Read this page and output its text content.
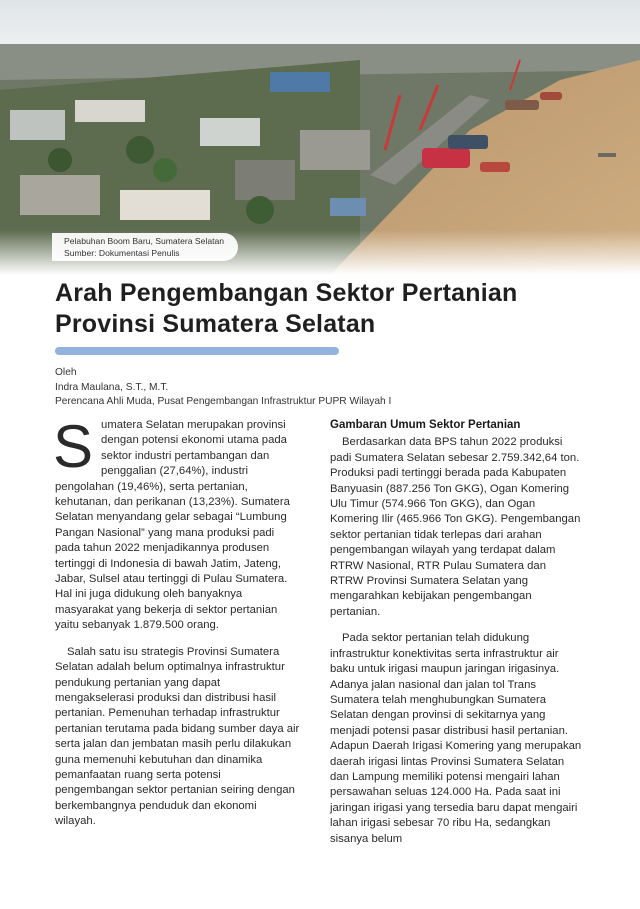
Pelabuhan Boom Baru, Sumatera Selatan
Sumber: Dokumentasi Penulis
Arah Pengembangan Sektor Pertanian
Provinsi Sumatera Selatan
Oleh
Indra Maulana, S.T., M.T.
Perencana Ahli Muda, Pusat Pengembangan Infrastruktur PUPR Wilayah I

Sumatera Selatan merupakan provinsi dengan potensi ekonomi utama pada sektor industri pertambangan dan penggalian (27,64%), industri pengolahan (19,46%), serta pertanian, kehutanan, dan perikanan (13,23%). Sumatera Selatan menyandang gelar sebagai “Lumbung Pangan Nasional” yang mana produksi padi pada tahun 2022 menjadikannya produsen tertinggi di Indonesia di bawah Jatim, Jateng, Jabar, Sulsel atau tertinggi di Pulau Sumatera. Hal ini juga didukung oleh banyaknya masyarakat yang bekerja di sektor pertanian yaitu sebanyak 1.879.500 orang.

Salah satu isu strategis Provinsi Sumatera Selatan adalah belum optimalnya infrastruktur pendukung pertanian yang dapat mengakselerasi produksi dan distribusi hasil pertanian. Pemenuhan terhadap infrastruktur pertanian terutama pada bidang sumber daya air serta jalan dan jembatan masih perlu dilakukan guna memenuhi kebutuhan dan dinamika pemanfaatan ruang serta potensi pengembangan sektor pertanian seiring dengan berkembangnya penduduk dan ekonomi wilayah.

Gambaran Umum Sektor Pertanian

Berdasarkan data BPS tahun 2022 produksi padi Sumatera Selatan sebesar 2.759.342,64 ton. Produksi padi tertinggi berada pada Kabupaten Banyuasin (887.256 Ton GKG), Ogan Komering Ulu Timur (574.966 Ton GKG), dan Ogan Komering Ilir (465.966 Ton GKG). Pengembangan sektor pertanian tidak terlepas dari arahan pengembangan wilayah yang terdapat dalam RTRW Nasional, RTR Pulau Sumatera dan RTRW Provinsi Sumatera Selatan yang mengarahkan kebijakan pengembangan pertanian.

Pada sektor pertanian telah didukung infrastruktur konektivitas serta infrastruktur air baku untuk irigasi maupun jaringan irigasinya. Adanya jalan nasional dan jalan tol Trans Sumatera telah menghubungkan Sumatera Selatan dengan provinsi di sekitarnya yang menjadi potensi pasar distribusi hasil pertanian. Adapun Daerah Irigasi Komering yang merupakan daerah irigasi lintas Provinsi Sumatera Selatan dan Lampung memiliki potensi mengairi lahan persawahan seluas 124.000 Ha. Pada saat ini jaringan irigasi yang tersedia baru dapat mengairi lahan irigasi sebesar 70 ribu Ha, sedangkan sisanya belum
